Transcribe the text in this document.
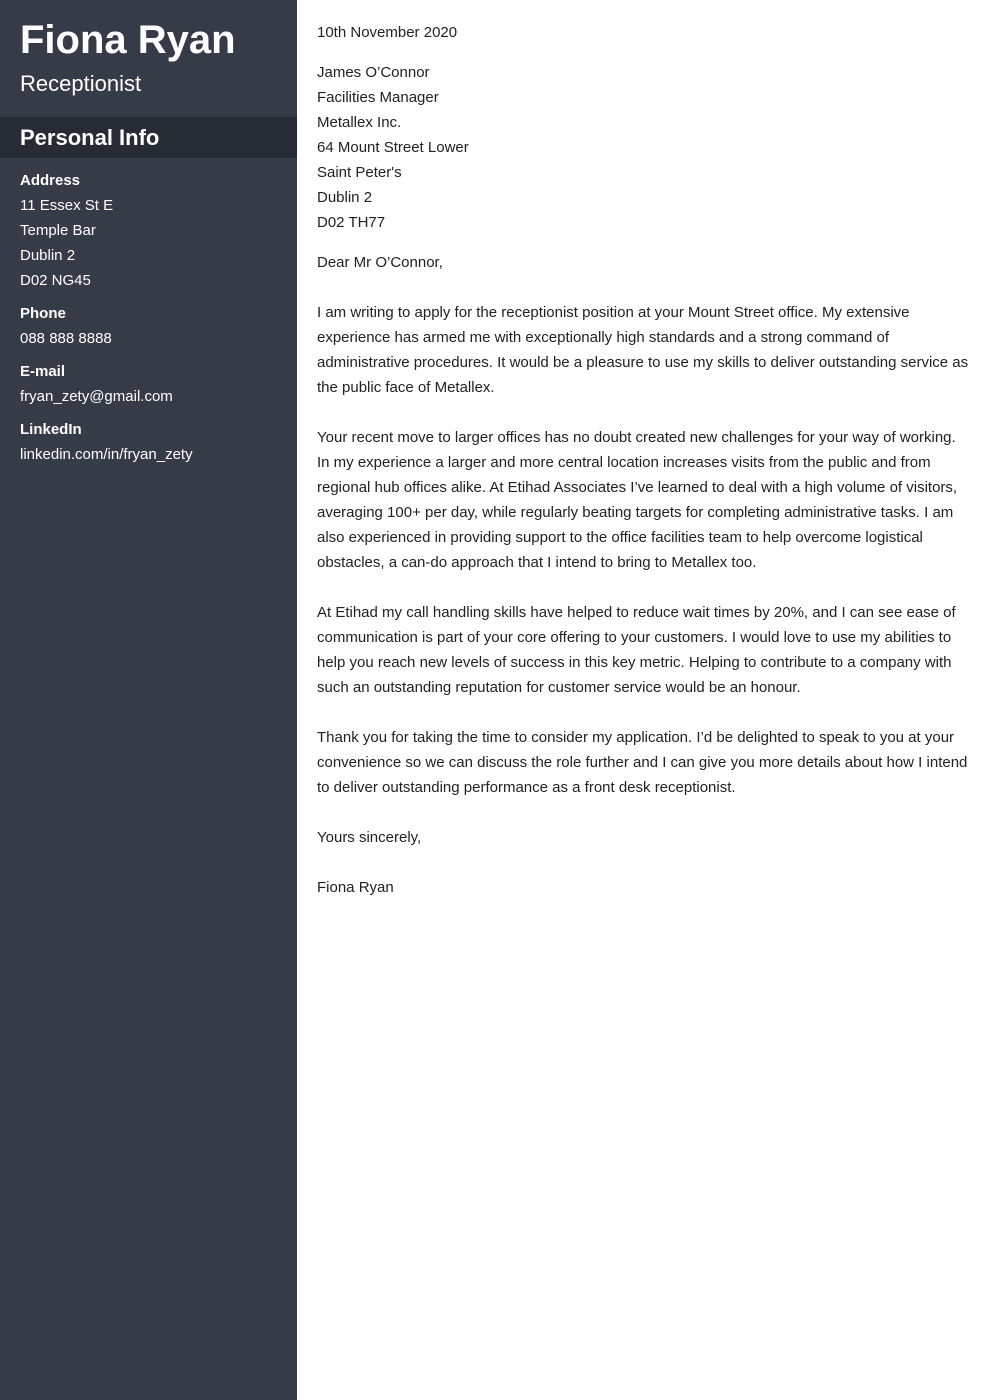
Fiona Ryan
Receptionist
Personal Info
Address
11 Essex St E
Temple Bar
Dublin 2
D02 NG45
Phone
088 888 8888
E-mail
fryan_zety@gmail.com
LinkedIn
linkedin.com/in/fryan_zety
10th November 2020
James O’Connor
Facilities Manager
Metallex Inc.
64 Mount Street Lower
Saint Peter's
Dublin 2
D02 TH77
Dear Mr O’Connor,

I am writing to apply for the receptionist position at your Mount Street office. My extensive experience has armed me with exceptionally high standards and a strong command of administrative procedures. It would be a pleasure to use my skills to deliver outstanding service as the public face of Metallex.

Your recent move to larger offices has no doubt created new challenges for your way of working. In my experience a larger and more central location increases visits from the public and from regional hub offices alike. At Etihad Associates I’ve learned to deal with a high volume of visitors, averaging 100+ per day, while regularly beating targets for completing administrative tasks. I am also experienced in providing support to the office facilities team to help overcome logistical obstacles, a can-do approach that I intend to bring to Metallex too.

At Etihad my call handling skills have helped to reduce wait times by 20%, and I can see ease of communication is part of your core offering to your customers. I would love to use my abilities to help you reach new levels of success in this key metric. Helping to contribute to a company with such an outstanding reputation for customer service would be an honour.

Thank you for taking the time to consider my application. I’d be delighted to speak to you at your convenience so we can discuss the role further and I can give you more details about how I intend to deliver outstanding performance as a front desk receptionist.

Yours sincerely,
Fiona Ryan
